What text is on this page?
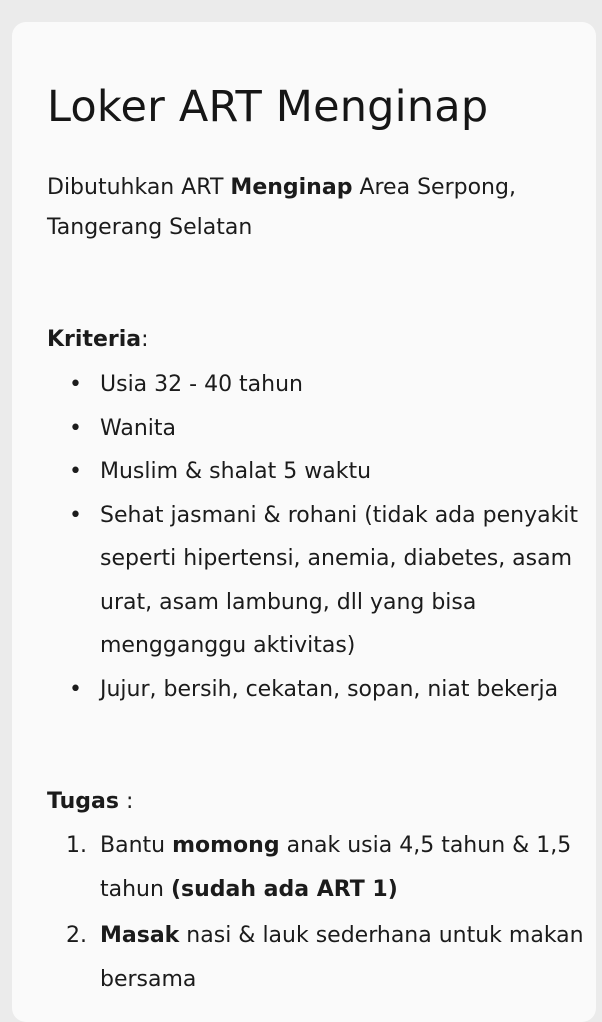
Loker ART Menginap

Dibutuhkan ART Menginap Area Serpong, Tangerang Selatan

Kriteria:

• Usia 32 - 40 tahun
• Wanita
• Muslim & shalat 5 waktu
• Sehat jasmani & rohani (tidak ada penyakit seperti hipertensi, anemia, diabetes, asam urat, asam lambung, dll yang bisa mengganggu aktivitas)
• Jujur, bersih, cekatan, sopan, niat bekerja

Tugas :

1. Bantu momong anak usia 4,5 tahun & 1,5 tahun (sudah ada ART 1)
2. Masak nasi & lauk sederhana untuk makan bersama
